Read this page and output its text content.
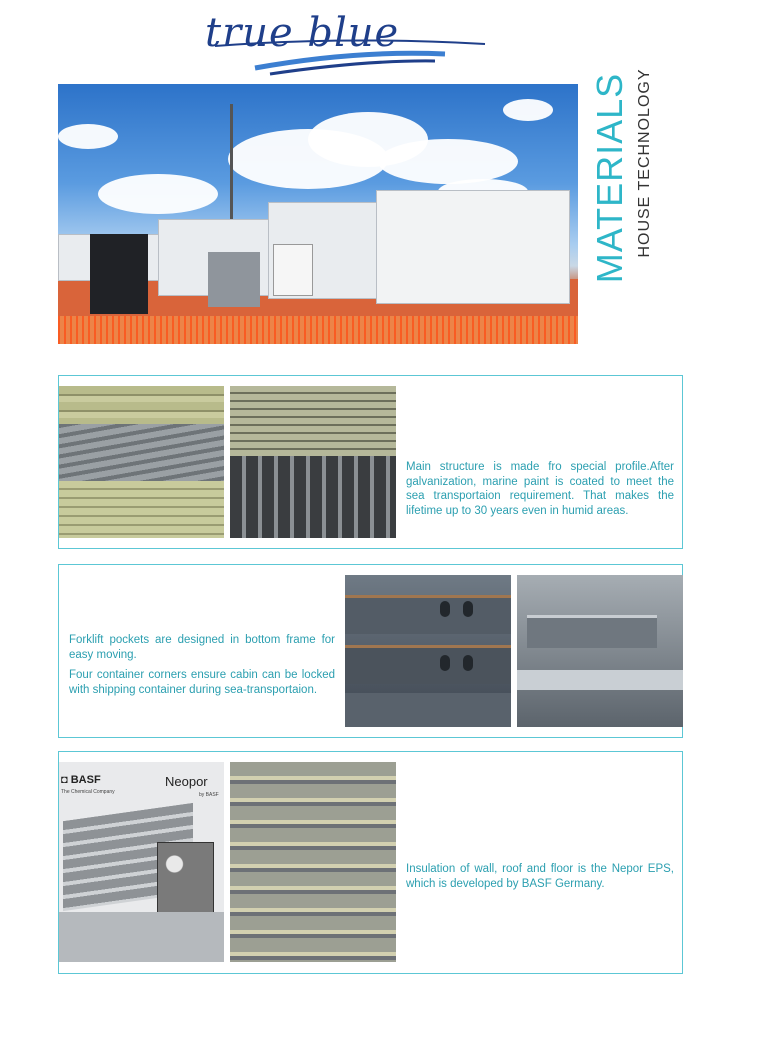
true blue
MATERIALS HOUSE TECHNOLOGY

Main structure is made fro special profile.After galvanization, marine paint is coated to meet the sea transportaion requirement. That makes the lifetime up to 30 years even in humid areas.

Forklift pockets are designed in bottom frame for easy moving.

Four container corners ensure cabin can be locked with shipping container during sea-transportaion.

◘ BASF
The Chemical Company
Neopor
by BASF

Insulation of wall, roof and floor is the Nepor EPS, which is developed by BASF Germany.
